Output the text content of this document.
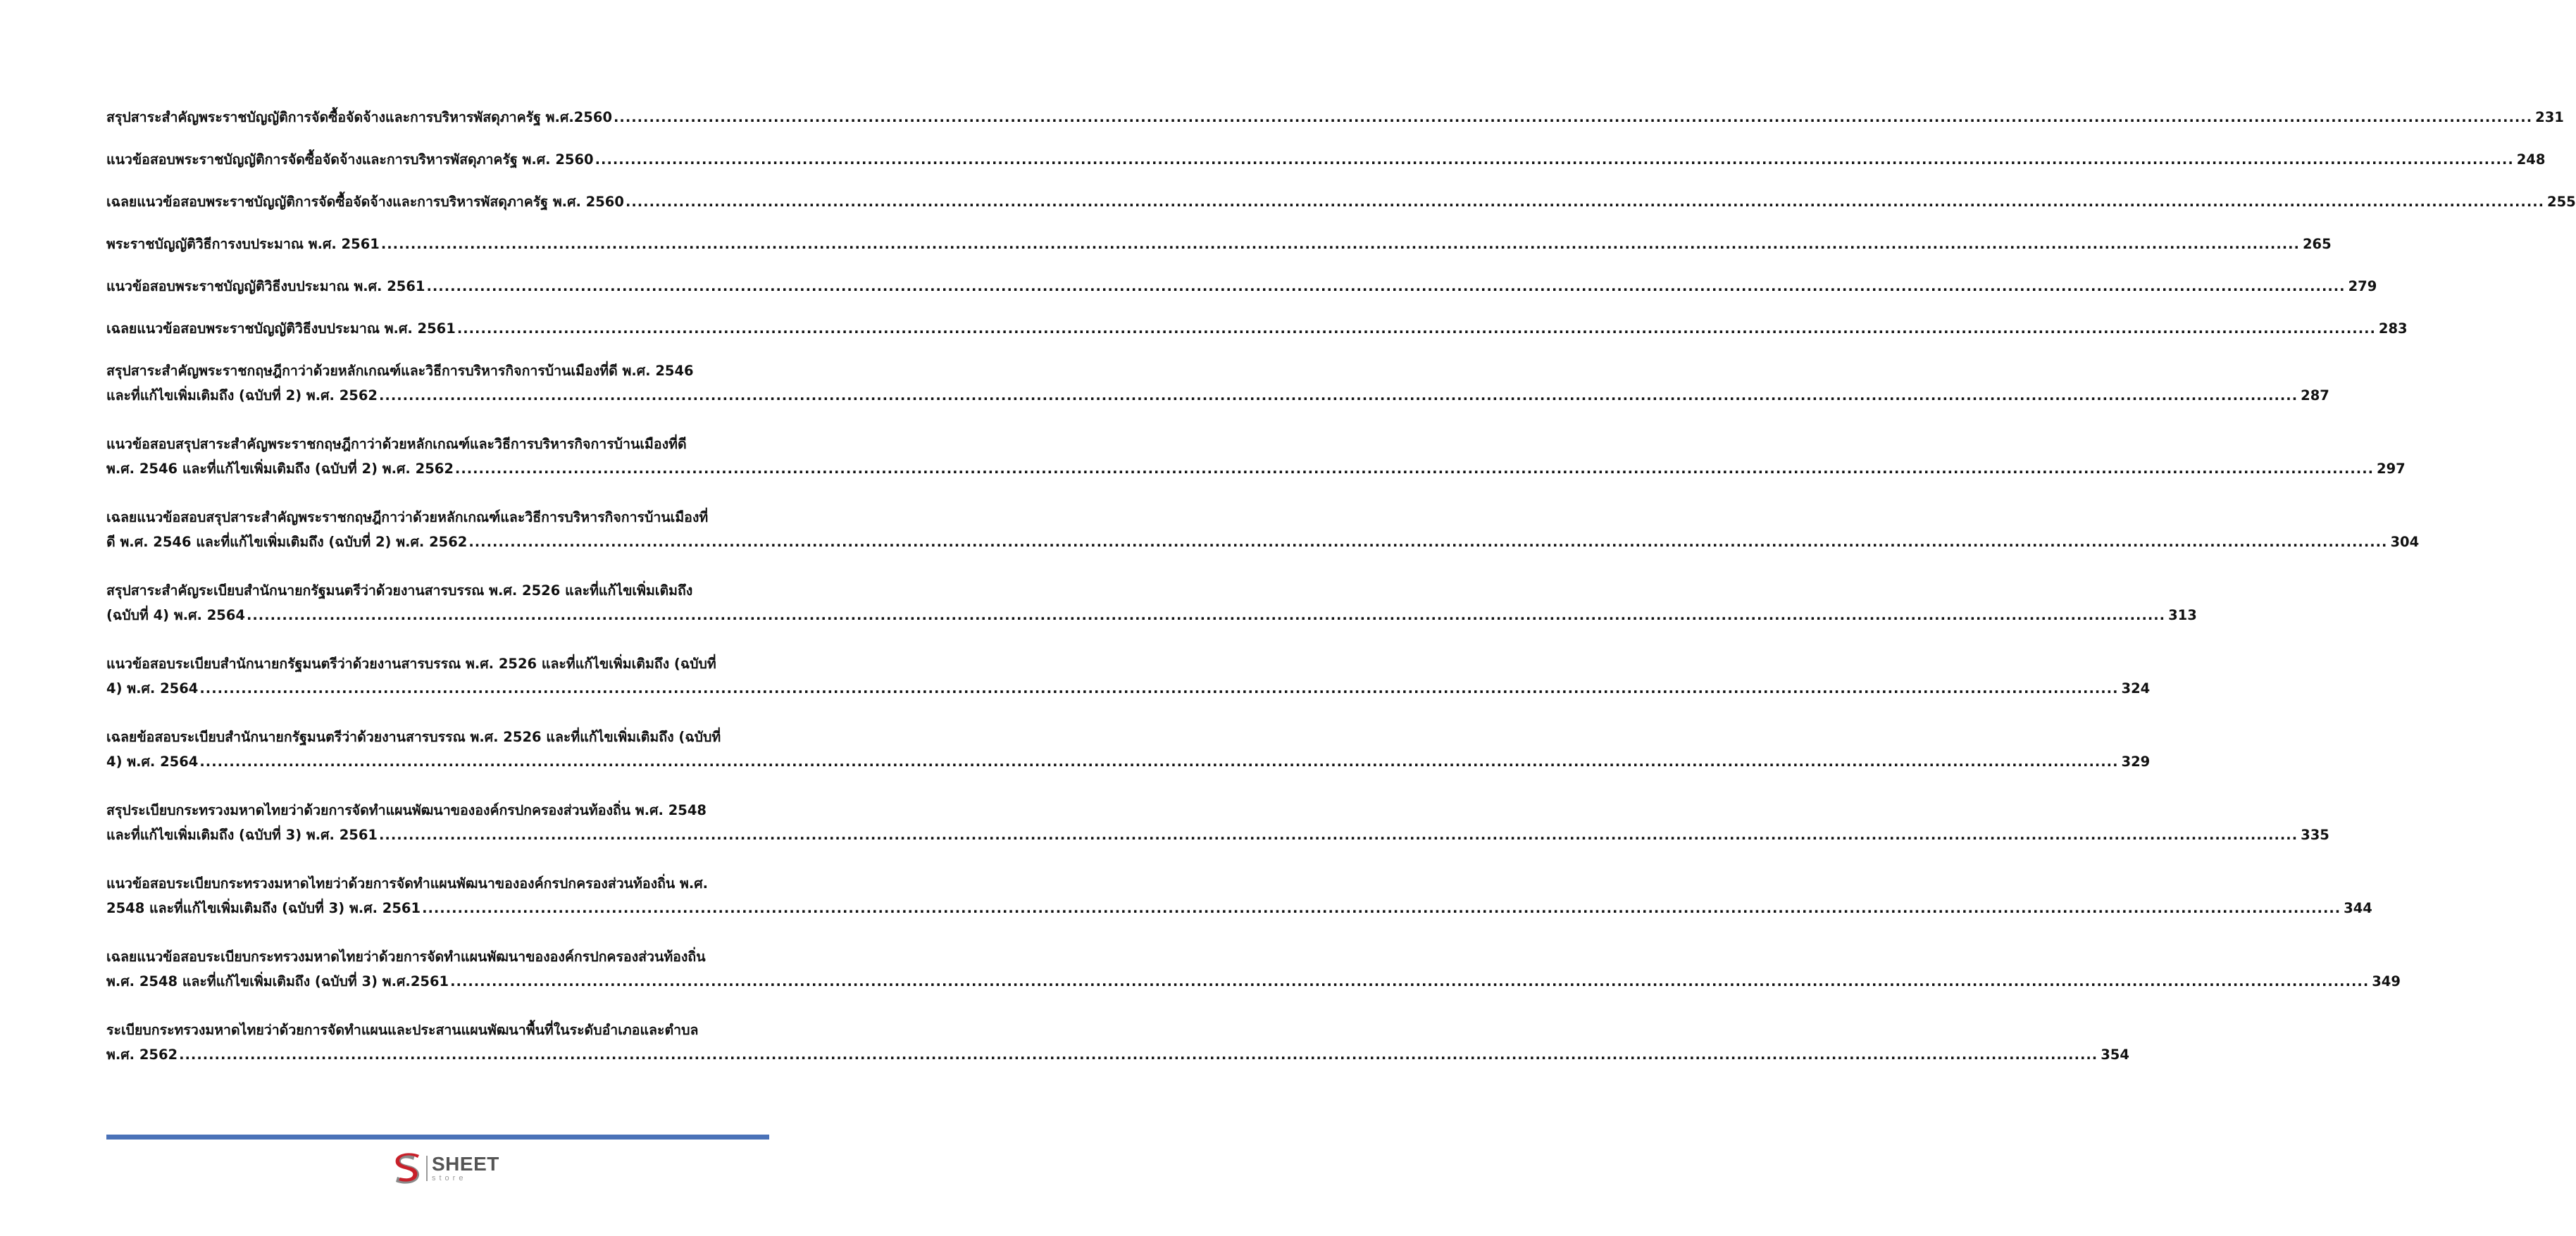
สรุปสาระสำคัญพระราชบัญญัติการจัดซื้อจัดจ้างและการบริหารพัสดุภาครัฐ พ.ศ.2560 .....	231
แนวข้อสอบพระราชบัญญัติการจัดซื้อจัดจ้างและการบริหารพัสดุภาครัฐ พ.ศ. 2560 .....	248
เฉลยแนวข้อสอบพระราชบัญญัติการจัดซื้อจัดจ้างและการบริหารพัสดุภาครัฐ พ.ศ. 2560 .....	255
พระราชบัญญัติวิธีการงบประมาณ พ.ศ. 2561 .....	265
แนวข้อสอบพระราชบัญญัติวิธีงบประมาณ พ.ศ. 2561 .....	279
เฉลยแนวข้อสอบพระราชบัญญัติวิธีงบประมาณ พ.ศ. 2561 .....	283
สรุปสาระสำคัญพระราชกฤษฎีกาว่าด้วยหลักเกณฑ์และวิธีการบริหารกิจการบ้านเมืองที่ดี พ.ศ. 2546
และที่แก้ไขเพิ่มเติมถึง (ฉบับที่ 2) พ.ศ. 2562 .....	287
แนวข้อสอบสรุปสาระสำคัญพระราชกฤษฎีกาว่าด้วยหลักเกณฑ์และวิธีการบริหารกิจการบ้านเมืองที่ดี
พ.ศ. 2546 และที่แก้ไขเพิ่มเติมถึง (ฉบับที่ 2) พ.ศ. 2562 .....	297
เฉลยแนวข้อสอบสรุปสาระสำคัญพระราชกฤษฎีกาว่าด้วยหลักเกณฑ์และวิธีการบริหารกิจการบ้านเมืองที่
ดี พ.ศ. 2546 และที่แก้ไขเพิ่มเติมถึง (ฉบับที่ 2) พ.ศ. 2562 .....	304
สรุปสาระสำคัญระเบียบสำนักนายกรัฐมนตรีว่าด้วยงานสารบรรณ พ.ศ. 2526 และที่แก้ไขเพิ่มเติมถึง
(ฉบับที่ 4) พ.ศ. 2564 .....	313
แนวข้อสอบระเบียบสำนักนายกรัฐมนตรีว่าด้วยงานสารบรรณ พ.ศ. 2526 และที่แก้ไขเพิ่มเติมถึง (ฉบับที่
4) พ.ศ. 2564 .....	324
เฉลยข้อสอบระเบียบสำนักนายกรัฐมนตรีว่าด้วยงานสารบรรณ พ.ศ. 2526 และที่แก้ไขเพิ่มเติมถึง (ฉบับที่
4) พ.ศ. 2564 .....	329
สรุประเบียบกระทรวงมหาดไทยว่าด้วยการจัดทำแผนพัฒนาขององค์กรปกครองส่วนท้องถิ่น พ.ศ. 2548
และที่แก้ไขเพิ่มเติมถึง (ฉบับที่ 3) พ.ศ. 2561 .....	335
แนวข้อสอบระเบียบกระทรวงมหาดไทยว่าด้วยการจัดทำแผนพัฒนาขององค์กรปกครองส่วนท้องถิ่น พ.ศ.
2548 และที่แก้ไขเพิ่มเติมถึง (ฉบับที่ 3) พ.ศ. 2561 .....	344
เฉลยแนวข้อสอบระเบียบกระทรวงมหาดไทยว่าด้วยการจัดทำแผนพัฒนาขององค์กรปกครองส่วนท้องถิ่น
พ.ศ. 2548 และที่แก้ไขเพิ่มเติมถึง (ฉบับที่ 3) พ.ศ.2561 .....	349
ระเบียบกระทรวงมหาดไทยว่าด้วยการจัดทำแผนและประสานแผนพัฒนาพื้นที่ในระดับอำเภอและตำบล
พ.ศ. 2562 .....	354
SHEET
store
